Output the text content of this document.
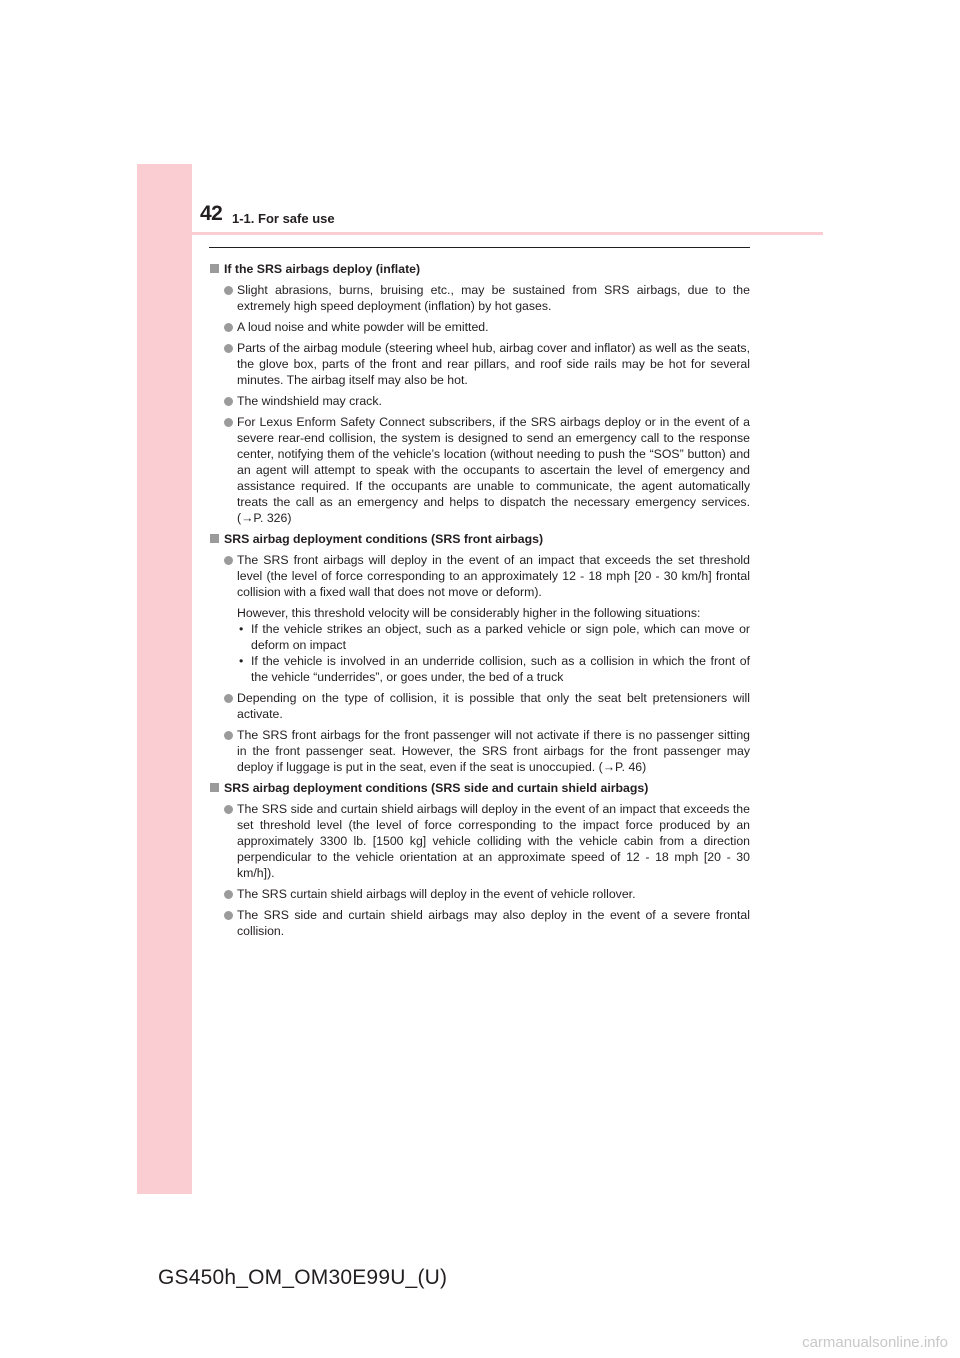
42 1-1. For safe use
If the SRS airbags deploy (inflate)
Slight abrasions, burns, bruising etc., may be sustained from SRS airbags, due to the extremely high speed deployment (inflation) by hot gases.
A loud noise and white powder will be emitted.
Parts of the airbag module (steering wheel hub, airbag cover and inflator) as well as the seats, the glove box, parts of the front and rear pillars, and roof side rails may be hot for several minutes. The airbag itself may also be hot.
The windshield may crack.
For Lexus Enform Safety Connect subscribers, if the SRS airbags deploy or in the event of a severe rear-end collision, the system is designed to send an emergency call to the response center, notifying them of the vehicle’s location (without needing to push the “SOS” button) and an agent will attempt to speak with the occupants to ascertain the level of emergency and assistance required. If the occupants are unable to communicate, the agent automatically treats the call as an emergency and helps to dispatch the necessary emergency services. (→P. 326)
SRS airbag deployment conditions (SRS front airbags)
The SRS front airbags will deploy in the event of an impact that exceeds the set threshold level (the level of force corresponding to an approximately 12 - 18 mph [20 - 30 km/h] frontal collision with a fixed wall that does not move or deform).
However, this threshold velocity will be considerably higher in the following situations:
• If the vehicle strikes an object, such as a parked vehicle or sign pole, which can move or deform on impact
• If the vehicle is involved in an underride collision, such as a collision in which the front of the vehicle “underrides”, or goes under, the bed of a truck
Depending on the type of collision, it is possible that only the seat belt pretensioners will activate.
The SRS front airbags for the front passenger will not activate if there is no passenger sitting in the front passenger seat. However, the SRS front airbags for the front passenger may deploy if luggage is put in the seat, even if the seat is unoccupied. (→P. 46)
SRS airbag deployment conditions (SRS side and curtain shield airbags)
The SRS side and curtain shield airbags will deploy in the event of an impact that exceeds the set threshold level (the level of force corresponding to the impact force produced by an approximately 3300 lb. [1500 kg] vehicle colliding with the vehicle cabin from a direction perpendicular to the vehicle orientation at an approximate speed of 12 - 18 mph [20 - 30 km/h]).
The SRS curtain shield airbags will deploy in the event of vehicle rollover.
The SRS side and curtain shield airbags may also deploy in the event of a severe frontal collision.
GS450h_OM_OM30E99U_(U)
carmanualsonline.info
